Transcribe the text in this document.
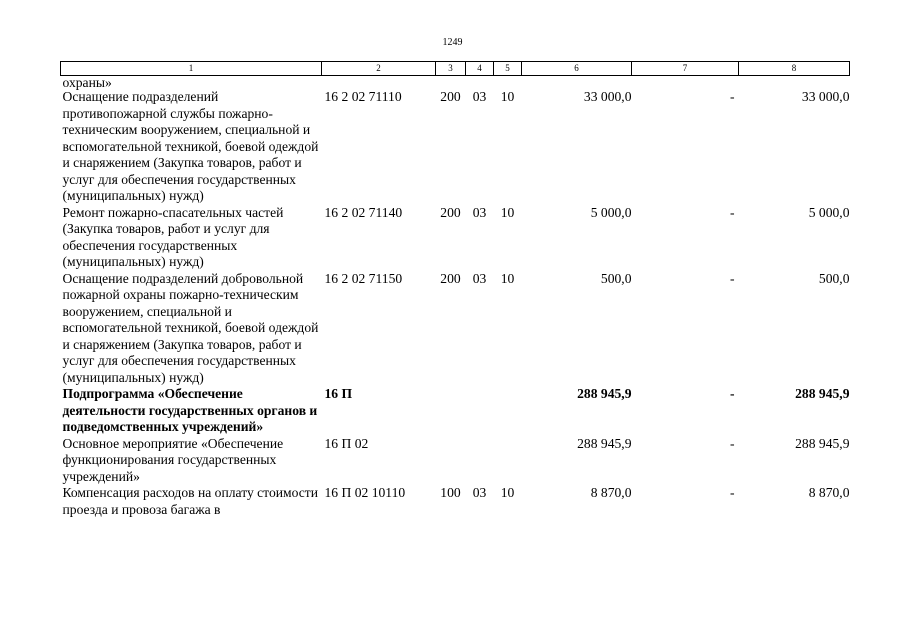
1249
1	2	3	4	5	6	7	8
охраны»							
Оснащение подразделений противопожарной службы пожарно-техническим вооружением, специальной и вспомогательной техникой, боевой одеждой и снаряжением (Закупка товаров, работ и услуг для обеспечения государственных (муниципальных) нужд)	16 2 02 71110	200	03	10	33 000,0	-	33 000,0
Ремонт пожарно-спасательных частей (Закупка товаров, работ и услуг для обеспечения государственных (муниципальных) нужд)	16 2 02 71140	200	03	10	5 000,0	-	5 000,0
Оснащение подразделений добровольной пожарной охраны пожарно-техническим вооружением, специальной и вспомогательной техникой, боевой одеждой и снаряжением (Закупка товаров, работ и услуг для обеспечения государственных (муниципальных) нужд)	16 2 02 71150	200	03	10	500,0	-	500,0
Подпрограмма «Обеспечение деятельности государственных органов и подведомственных учреждений»	16 П				288 945,9	-	288 945,9
Основное мероприятие «Обеспечение функционирования государственных учреждений»	16 П 02				288 945,9	-	288 945,9
Компенсация расходов на оплату стоимости проезда и провоза багажа в	16 П 02 10110	100	03	10	8 870,0	-	8 870,0
